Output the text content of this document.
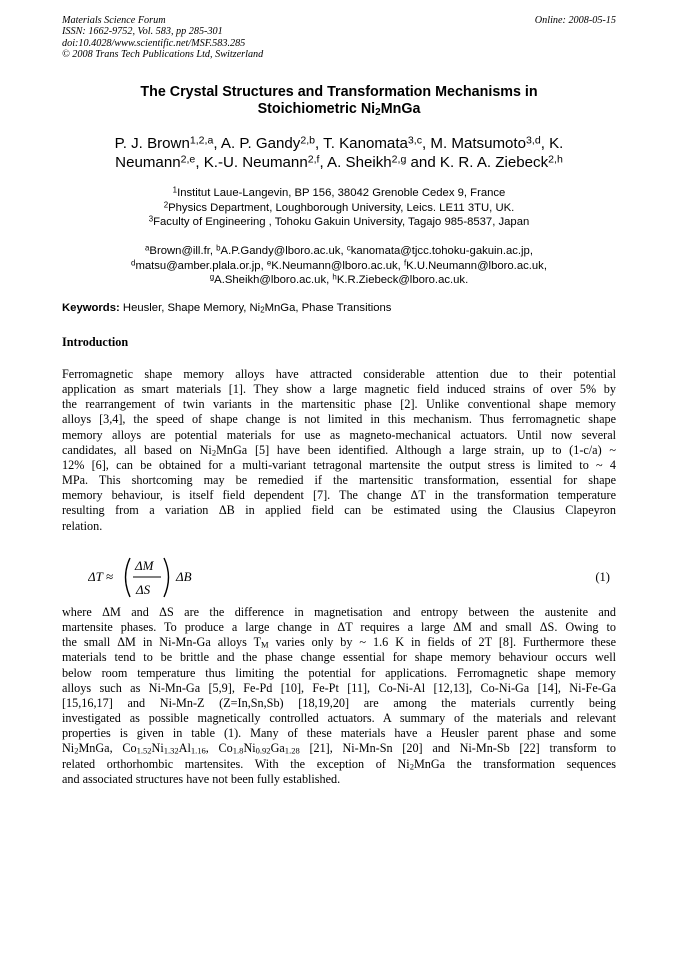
Materials Science Forum
ISSN: 1662-9752, Vol. 583, pp 285-301
doi:10.4028/www.scientific.net/MSF.583.285
© 2008 Trans Tech Publications Ltd, Switzerland
Online: 2008-05-15
The Crystal Structures and Transformation Mechanisms in
Stoichiometric $Ni_2MnGa$
P. J. Brown$^{1,2,a}$, A. P. Gandy$^{2,b}$, T. Kanomata$^{3,c}$, M. Matsumoto$^{3,d}$, K.
Neumann$^{2,e}$, K.-U. Neumann$^{2,f}$, A. Sheikh$^{2,g}$ and K. R. A. Ziebeck$^{2,h}$
$^1$Institut Laue-Langevin, BP 156, 38042 Grenoble Cedex 9, France
$^2$Physics Department, Loughborough University, Leics. LE11 3TU, UK.
$^3$Faculty of Engineering , Tohoku Gakuin University, Tagajo 985-8537, Japan
$^a$Brown@ill.fr, $^b$A.P.Gandy@lboro.ac.uk, $^c$kanomata@tjcc.tohoku-gakuin.ac.jp,
$^d$matsu@amber.plala.or.jp, $^e$K.Neumann@lboro.ac.uk, $^f$K.U.Neumann@lboro.ac.uk,
$^g$A.Sheikh@lboro.ac.uk, $^h$K.R.Ziebeck@lboro.ac.uk.
Keywords: Heusler, Shape Memory, $Ni_2MnGa$, Phase Transitions
Introduction
Ferromagnetic shape memory alloys have attracted considerable attention due to their potential
application as smart materials [1]. They show a large magnetic field induced strains of over 5% by
the rearrangement of twin variants in the martensitic phase [2]. Unlike conventional shape memory
alloys [3,4], the speed of shape change is not limited in this mechanism. Thus ferromagnetic shape
memory alloys are potential materials for use as magneto-mechanical actuators. Until now several
candidates, all based on $Ni_2MnGa$ [5] have been identified. Although a large strain, up to (1-c/a) ~
12% [6], can be obtained for a multi-variant tetragonal martensite the output stress is limited to ~ 4
MPa. This shortcoming may be remedied if the martensitic transformation, essential for shape
memory behaviour, is itself field dependent [7]. The change ΔT in the transformation temperature
resulting from a variation ΔB in applied field can be estimated using the Clausius Clapeyron
relation.
ΔT ≈
ΔM
ΔS
ΔB	(1)
where ΔM and ΔS are the difference in magnetisation and entropy between the austenite and
martensite phases. To produce a large change in ΔT requires a large ΔM and small ΔS. Owing to
the small ΔM in Ni-Mn-Ga alloys $T_M$ varies only by ~ 1.6 K in fields of 2T [8]. Furthermore these
materials tend to be brittle and the phase change essential for shape memory behaviour occurs well
below room temperature thus limiting the potential for applications. Ferromagnetic shape memory
alloys such as Ni-Mn-Ga [5,9], Fe-Pd [10], Fe-Pt [11], Co-Ni-Al [12,13], Co-Ni-Ga [14], Ni-Fe-Ga
[15,16,17] and Ni-Mn-Z (Z=In,Sn,Sb) [18,19,20] are among the materials currently being
investigated as possible magnetically controlled actuators. A summary of the materials and relevant
properties is given in table (1). Many of these materials have a Heusler parent phase and some
$Ni_2MnGa$, $Co_{1.52}Ni_{1.32}Al_{1.16}$, $Co_{1.8}Ni_{0.92}Ga_{1.28}$ [21], Ni-Mn-Sn [20] and Ni-Mn-Sb [22] transform to
related orthorhombic martensites. With the exception of $Ni_2MnGa$ the transformation sequences
and associated structures have not been fully established.
